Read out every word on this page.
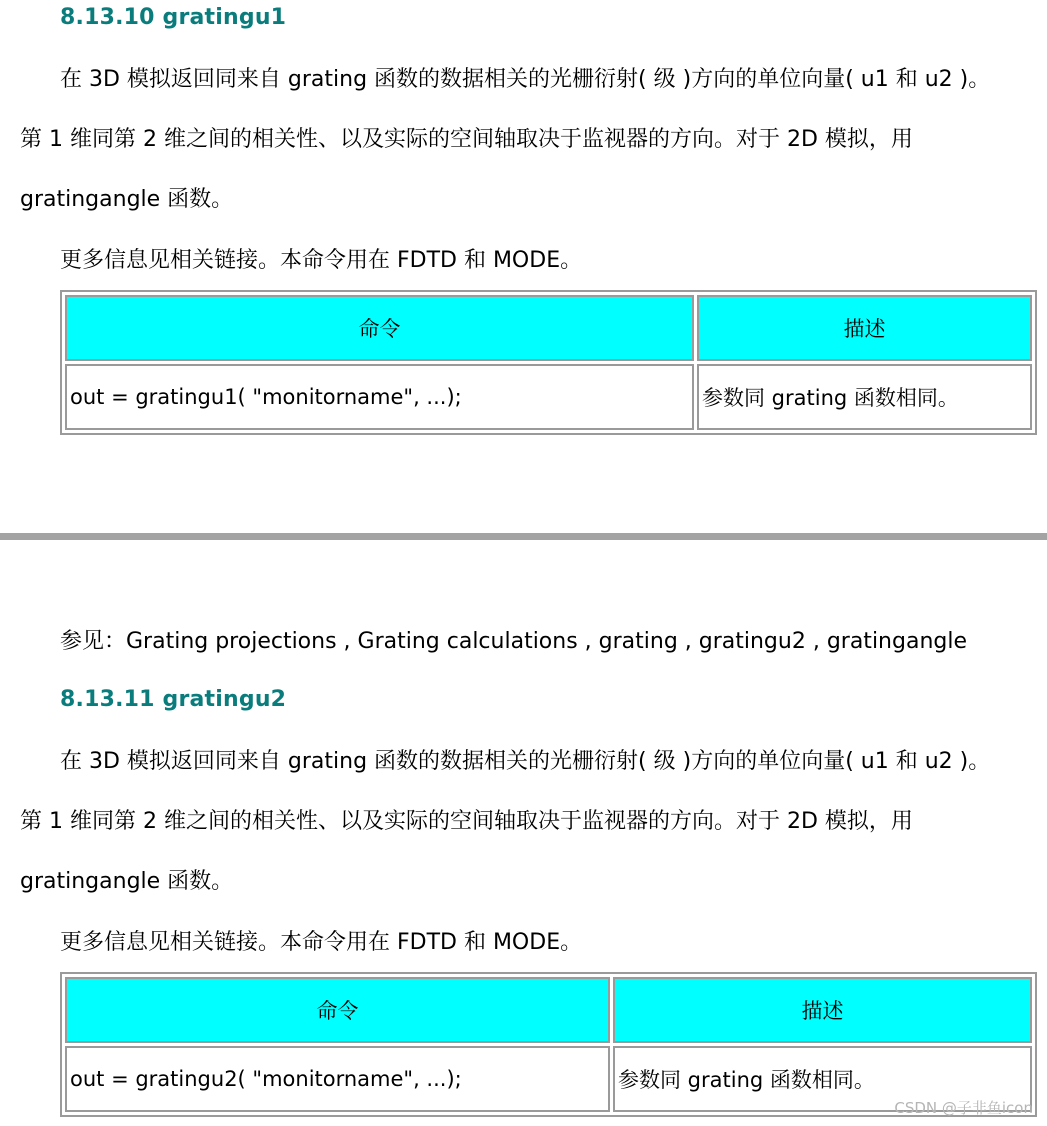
8.13.10 gratingu1
在 3D 模拟返回同来自 grating 函数的数据相关的光栅衍射( 级 )方向的单位向量( u1 和 u2 )。
第 1 维同第 2 维之间的相关性、以及实际的空间轴取决于监视器的方向。对于 2D 模拟，用
gratingangle 函数。
更多信息见相关链接。本命令用在 FDTD 和 MODE。
命令	描述
out = gratingu1( "monitorname", ...);	参数同 grating 函数相同。
参见：Grating projections , Grating calculations , grating , gratingu2 , gratingangle
8.13.11 gratingu2
在 3D 模拟返回同来自 grating 函数的数据相关的光栅衍射( 级 )方向的单位向量( u1 和 u2 )。
第 1 维同第 2 维之间的相关性、以及实际的空间轴取决于监视器的方向。对于 2D 模拟，用
gratingangle 函数。
更多信息见相关链接。本命令用在 FDTD 和 MODE。
命令	描述
out = gratingu2( "monitorname", ...);	参数同 grating 函数相同。
CSDN @子非鱼icon
